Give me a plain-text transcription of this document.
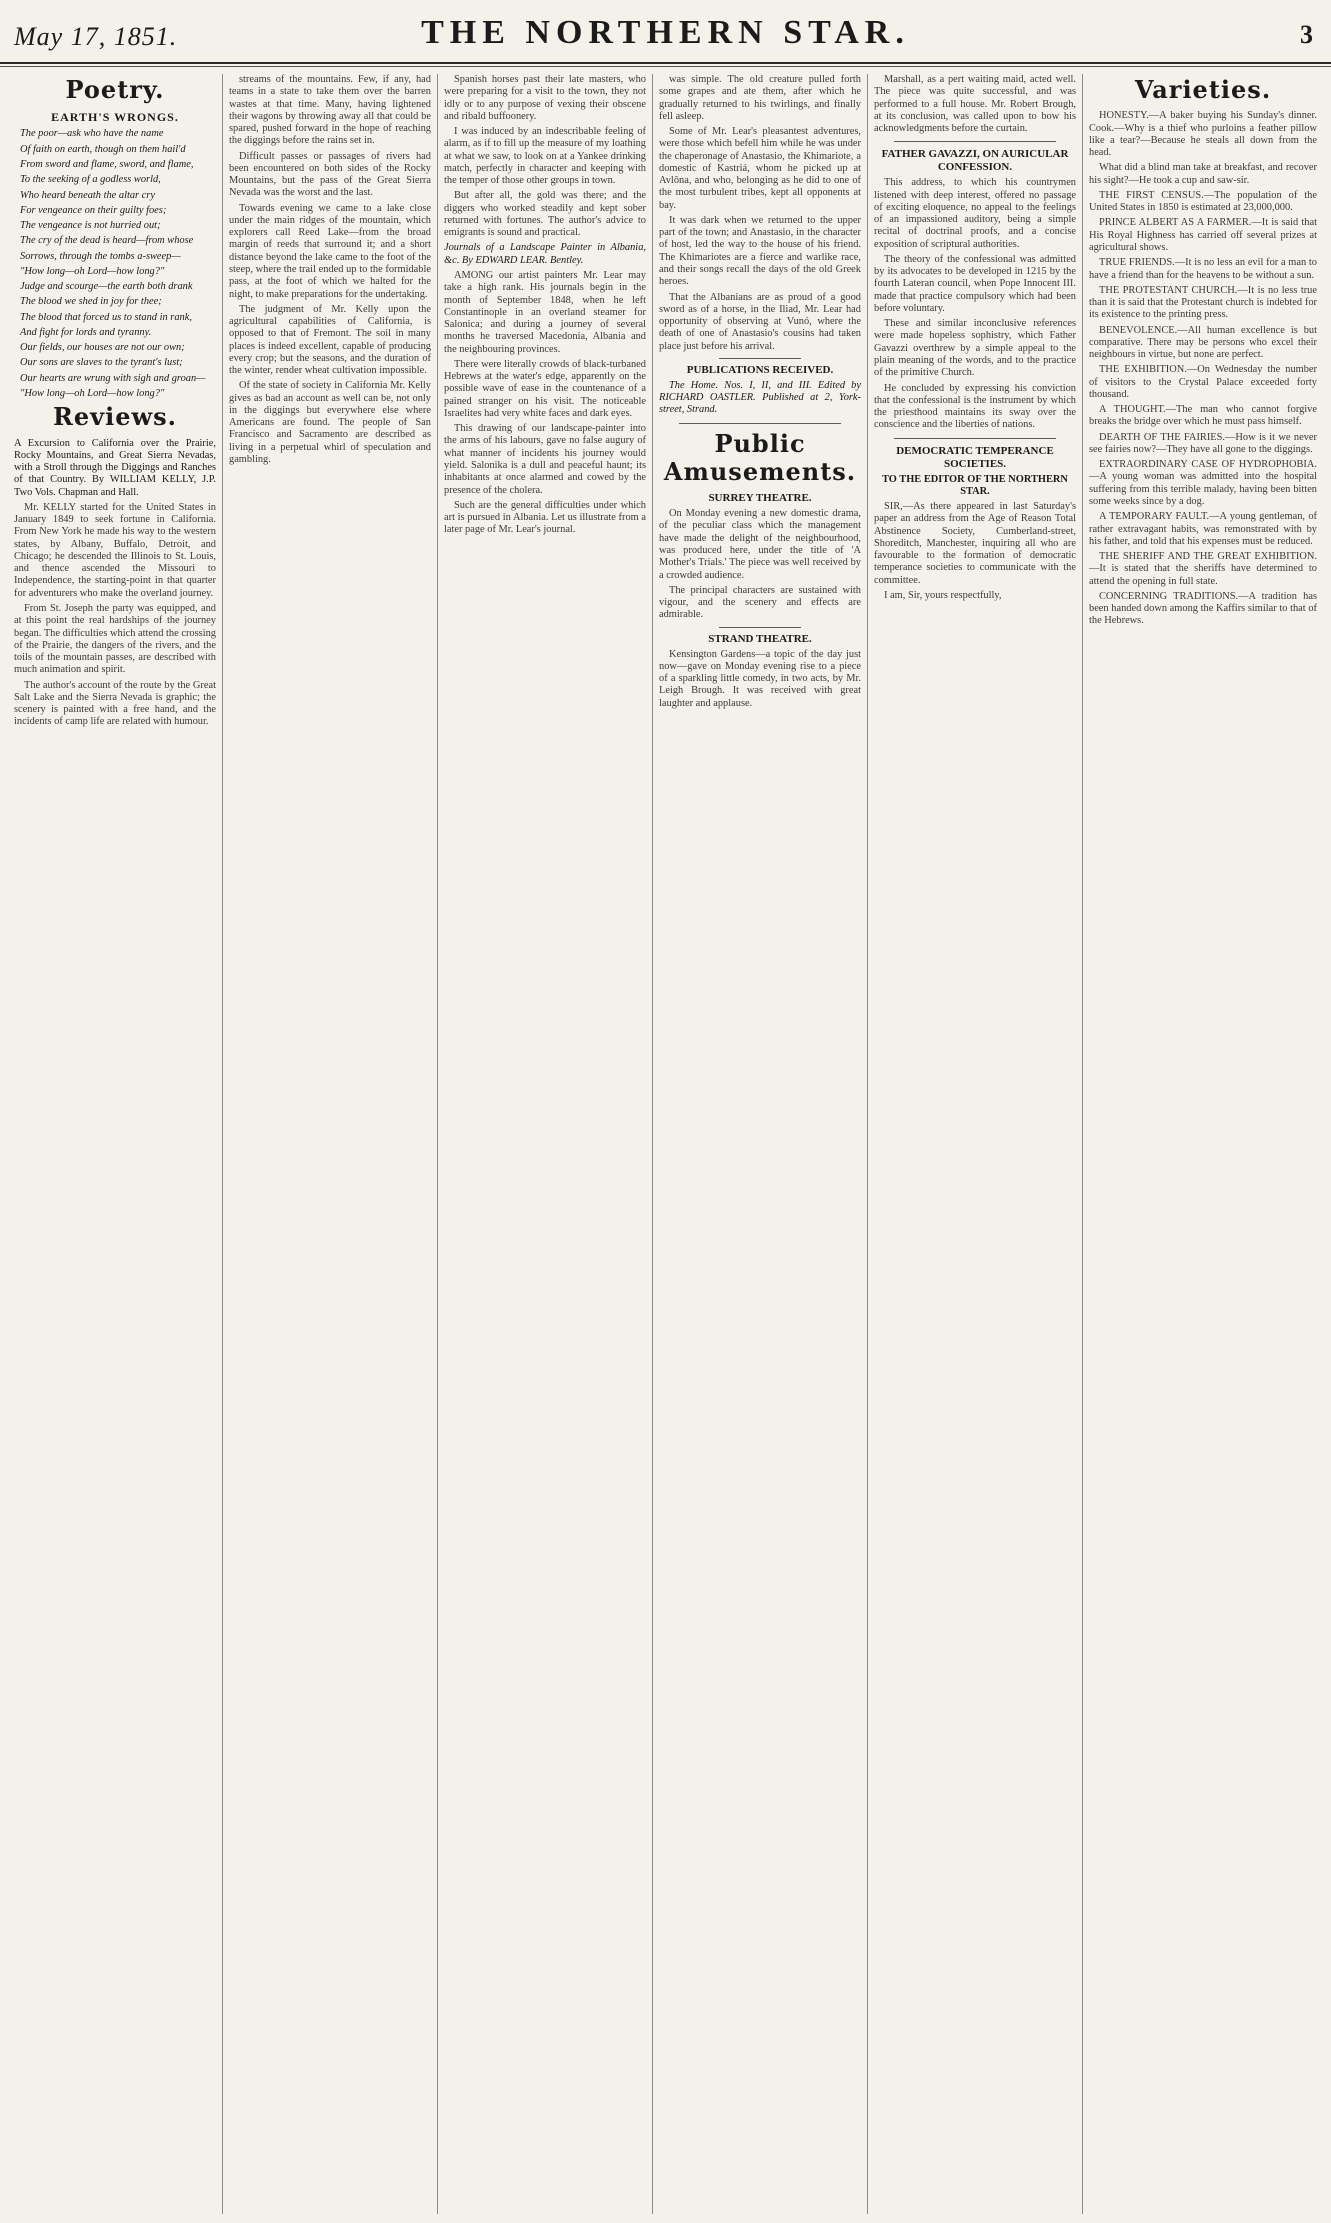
May 17, 1851.	THE NORTHERN STAR.	3
Poetry.
EARTH'S WRONGS.

The poor—ask who have the name

Of faith on earth, though on them hail'd

From sword and flame, sword, and flame,

To the seeking of a godless world,

Who heard beneath the altar cry

For vengeance on their guilty foes;

The vengeance is not hurried out;

The cry of the dead is heard—from whose

Sorrows, through the tombs a-sweep—

"How long—oh Lord—how long?"

Judge and scourge—the earth both drank

The blood we shed in joy for thee;

The blood that forced us to stand in rank,

And fight for lords and tyranny.

Our fields, our houses are not our own;

Our sons are slaves to the tyrant's lust;

Our hearts are wrung with sigh and groan—

"How long—oh Lord—how long?"

Reviews.

A Excursion to California over the Prairie, Rocky Mountains, and Great Sierra Nevadas, with a Stroll through the Diggings and Ranches of that Country. By WILLIAM KELLY, J.P. Two Vols. Chapman and Hall.

Mr. KELLY started for the United States in January 1849 to seek fortune in California. From New York he made his way to the western states, by Albany, Buffalo, Detroit, and Chicago; he descended the Illinois to St. Louis, and thence ascended the Missouri to Independence, the starting-point in that quarter for adventurers who make the overland journey.

From St. Joseph the party was equipped, and at this point the real hardships of the journey began. The difficulties which attend the crossing of the Prairie, the dangers of the rivers, and the toils of the mountain passes, are described with much animation and spirit.

The author's account of the route by the Great Salt Lake and the Sierra Nevada is graphic; the scenery is painted with a free hand, and the incidents of camp life are related with humour.

streams of the mountains. Few, if any, had teams in a state to take them over the barren wastes at that time. Many, having lightened their wagons by throwing away all that could be spared, pushed forward in the hope of reaching the diggings before the rains set in.

Difficult passes or passages of rivers had been encountered on both sides of the Rocky Mountains, but the pass of the Great Sierra Nevada was the worst and the last.

Towards evening we came to a lake close under the main ridges of the mountain, which explorers call Reed Lake—from the broad margin of reeds that surround it; and a short distance beyond the lake came to the foot of the steep, where the trail ended up to the formidable pass, at the foot of which we halted for the night, to make preparations for the undertaking.

The judgment of Mr. Kelly upon the agricultural capabilities of California, is opposed to that of Fremont. The soil in many places is indeed excellent, capable of producing every crop; but the seasons, and the duration of the winter, render wheat cultivation impossible.

Of the state of society in California Mr. Kelly gives as bad an account as well can be, not only in the diggings but everywhere else where Americans are found. The people of San Francisco and Sacramento are described as living in a perpetual whirl of speculation and gambling.

Spanish horses past their late masters, who were preparing for a visit to the town, they not idly or to any purpose of vexing their obscene and ribald buffoonery.

I was induced by an indescribable feeling of alarm, as if to fill up the measure of my loathing at what we saw, to look on at a Yankee drinking match, perfectly in character and keeping with the temper of those other groups in town.

But after all, the gold was there; and the diggers who worked steadily and kept sober returned with fortunes. The author's advice to emigrants is sound and practical.

Journals of a Landscape Painter in Albania, &c. By EDWARD LEAR. Bentley.

AMONG our artist painters Mr. Lear may take a high rank. His journals begin in the month of September 1848, when he left Constantinople in an overland steamer for Salonica; and during a journey of several months he traversed Macedonia, Albania and the neighbouring provinces.

There were literally crowds of black-turbaned Hebrews at the water's edge, apparently on the possible wave of ease in the countenance of a pained stranger on his visit. The noticeable Israelites had very white faces and dark eyes.

This drawing of our landscape-painter into the arms of his labours, gave no false augury of what manner of incidents his journey would yield. Salonika is a dull and peaceful haunt; its inhabitants at once alarmed and cowed by the presence of the cholera.

Such are the general difficulties under which art is pursued in Albania. Let us illustrate from a later page of Mr. Lear's journal.

was simple. The old creature pulled forth some grapes and ate them, after which he gradually returned to his twirlings, and finally fell asleep.

Some of Mr. Lear's pleasantest adventures, were those which befell him while he was under the chaperonage of Anastasio, the Khimariote, a domestic of Kastriá, whom he picked up at Avlôna, and who, belonging as he did to one of the most turbulent tribes, kept all opponents at bay.

It was dark when we returned to the upper part of the town; and Anastasio, in the character of host, led the way to the house of his friend. The Khimariotes are a fierce and warlike race, and their songs recall the days of the old Greek heroes.

That the Albanians are as proud of a good sword as of a horse, in the Iliad, Mr. Lear had opportunity of observing at Vunó, where the death of one of Anastasio's cousins had taken place just before his arrival.

PUBLICATIONS RECEIVED.

The Home. Nos. I, II, and III. Edited by RICHARD OASTLER. Published at 2, York-street, Strand.

Public Amusements.
SURREY THEATRE.

On Monday evening a new domestic drama, of the peculiar class which the management have made the delight of the neighbourhood, was produced here, under the title of 'A Mother's Trials.' The piece was well received by a crowded audience.

The principal characters are sustained with vigour, and the scenery and effects are admirable.

STRAND THEATRE.

Kensington Gardens—a topic of the day just now—gave on Monday evening rise to a piece of a sparkling little comedy, in two acts, by Mr. Leigh Brough. It was received with great laughter and applause.

Marshall, as a pert waiting maid, acted well. The piece was quite successful, and was performed to a full house. Mr. Robert Brough, at its conclusion, was called upon to bow his acknowledgments before the curtain.

FATHER GAVAZZI, ON AURICULAR CONFESSION.

This address, to which his countrymen listened with deep interest, offered no passage of exciting eloquence, no appeal to the feelings of an impassioned auditory, being a simple recital of doctrinal proofs, and a concise exposition of scriptural authorities.

The theory of the confessional was admitted by its advocates to be developed in 1215 by the fourth Lateran council, when Pope Innocent III. made that practice compulsory which had been before voluntary.

These and similar inconclusive references were made hopeless sophistry, which Father Gavazzi overthrew by a simple appeal to the plain meaning of the words, and to the practice of the primitive Church.

He concluded by expressing his conviction that the confessional is the instrument by which the priesthood maintains its sway over the conscience and the liberties of nations.

DEMOCRATIC TEMPERANCE SOCIETIES.
TO THE EDITOR OF THE NORTHERN STAR.

SIR,—As there appeared in last Saturday's paper an address from the Age of Reason Total Abstinence Society, Cumberland-street, Shoreditch, Manchester, inquiring all who are favourable to the formation of democratic temperance societies to communicate with the committee.

I am, Sir, yours respectfully,

Varieties.

HONESTY.—A baker buying his Sunday's dinner. Cook.—Why is a thief who purloins a feather pillow like a tear?—Because he steals all down from the head.

What did a blind man take at breakfast, and recover his sight?—He took a cup and saw-sir.

THE FIRST CENSUS.—The population of the United States in 1850 is estimated at 23,000,000.

PRINCE ALBERT AS A FARMER.—It is said that His Royal Highness has carried off several prizes at agricultural shows.

TRUE FRIENDS.—It is no less an evil for a man to have a friend than for the heavens to be without a sun.

THE PROTESTANT CHURCH.—It is no less true than it is said that the Protestant church is indebted for its existence to the printing press.

BENEVOLENCE.—All human excellence is but comparative. There may be persons who excel their neighbours in virtue, but none are perfect.

THE EXHIBITION.—On Wednesday the number of visitors to the Crystal Palace exceeded forty thousand.

A THOUGHT.—The man who cannot forgive breaks the bridge over which he must pass himself.

DEARTH OF THE FAIRIES.—How is it we never see fairies now?—They have all gone to the diggings.

EXTRAORDINARY CASE OF HYDROPHOBIA.—A young woman was admitted into the hospital suffering from this terrible malady, having been bitten some weeks since by a dog.

A TEMPORARY FAULT.—A young gentleman, of rather extravagant habits, was remonstrated with by his father, and told that his expenses must be reduced.

THE SHERIFF AND THE GREAT EXHIBITION.—It is stated that the sheriffs have determined to attend the opening in full state.

CONCERNING TRADITIONS.—A tradition has been handed down among the Kaffirs similar to that of the Hebrews.
